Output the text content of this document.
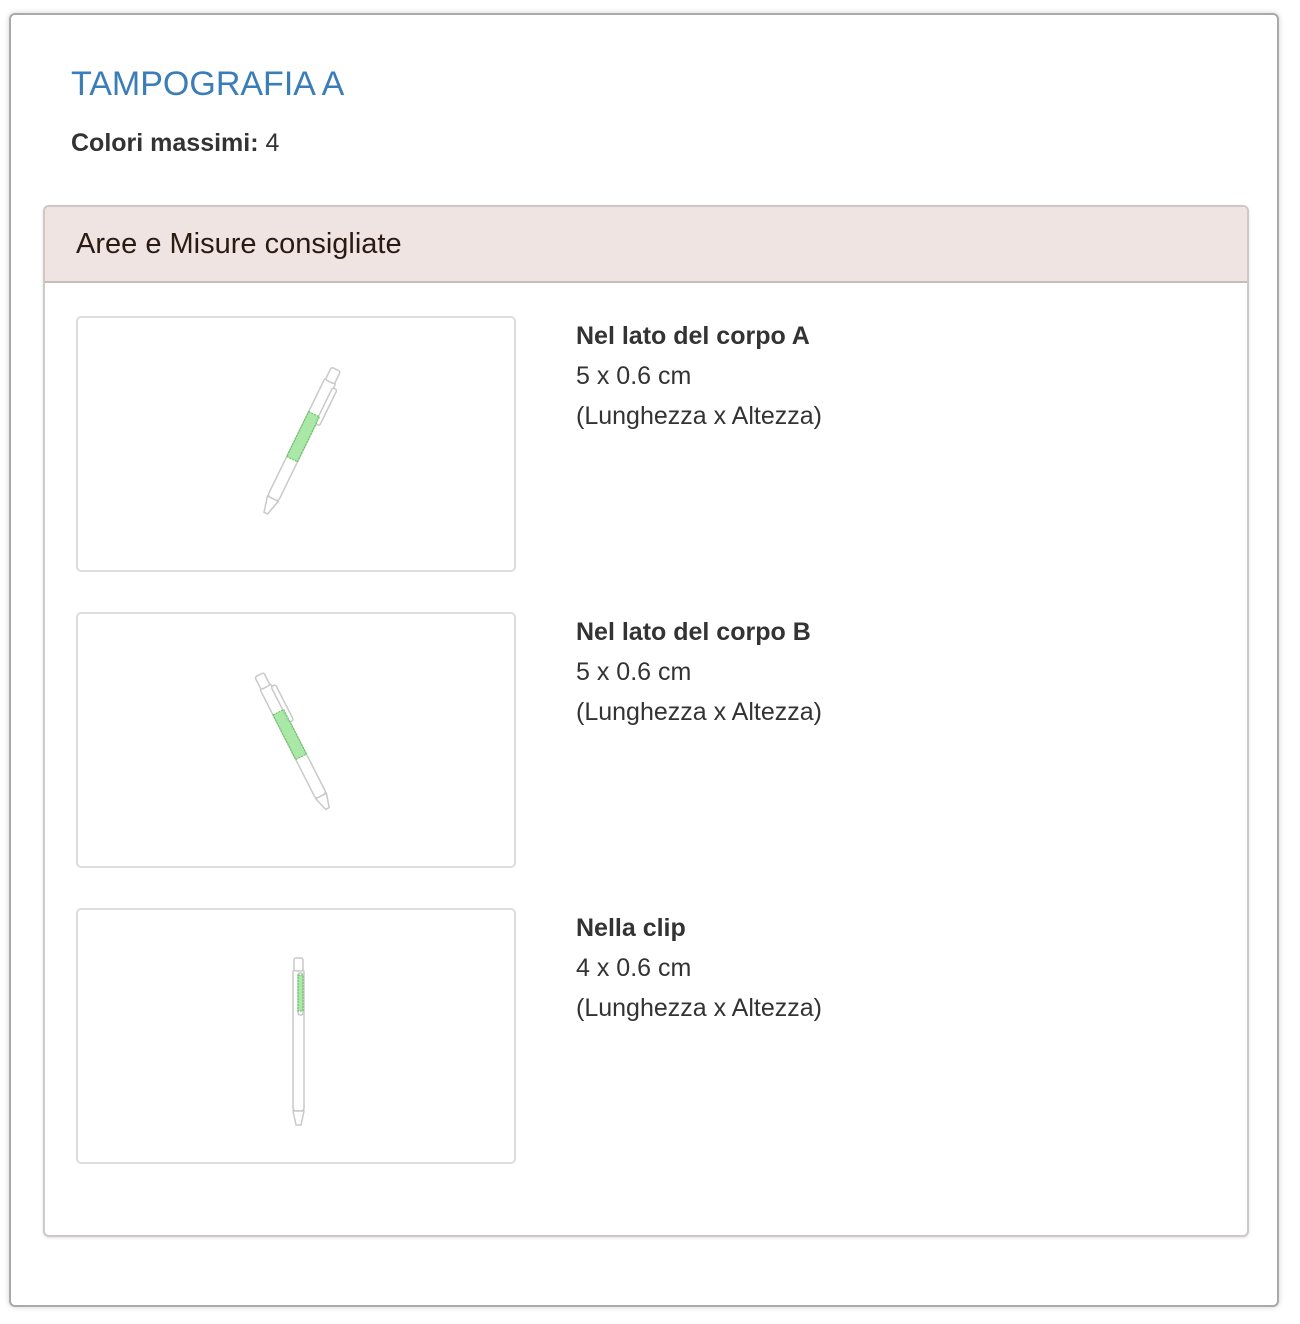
TAMPOGRAFIA A
Colori massimi: 4
Aree e Misure consigliate
Nel lato del corpo A
5 x 0.6 cm
(Lunghezza x Altezza)
Nel lato del corpo B
5 x 0.6 cm
(Lunghezza x Altezza)
Nella clip
4 x 0.6 cm
(Lunghezza x Altezza)
